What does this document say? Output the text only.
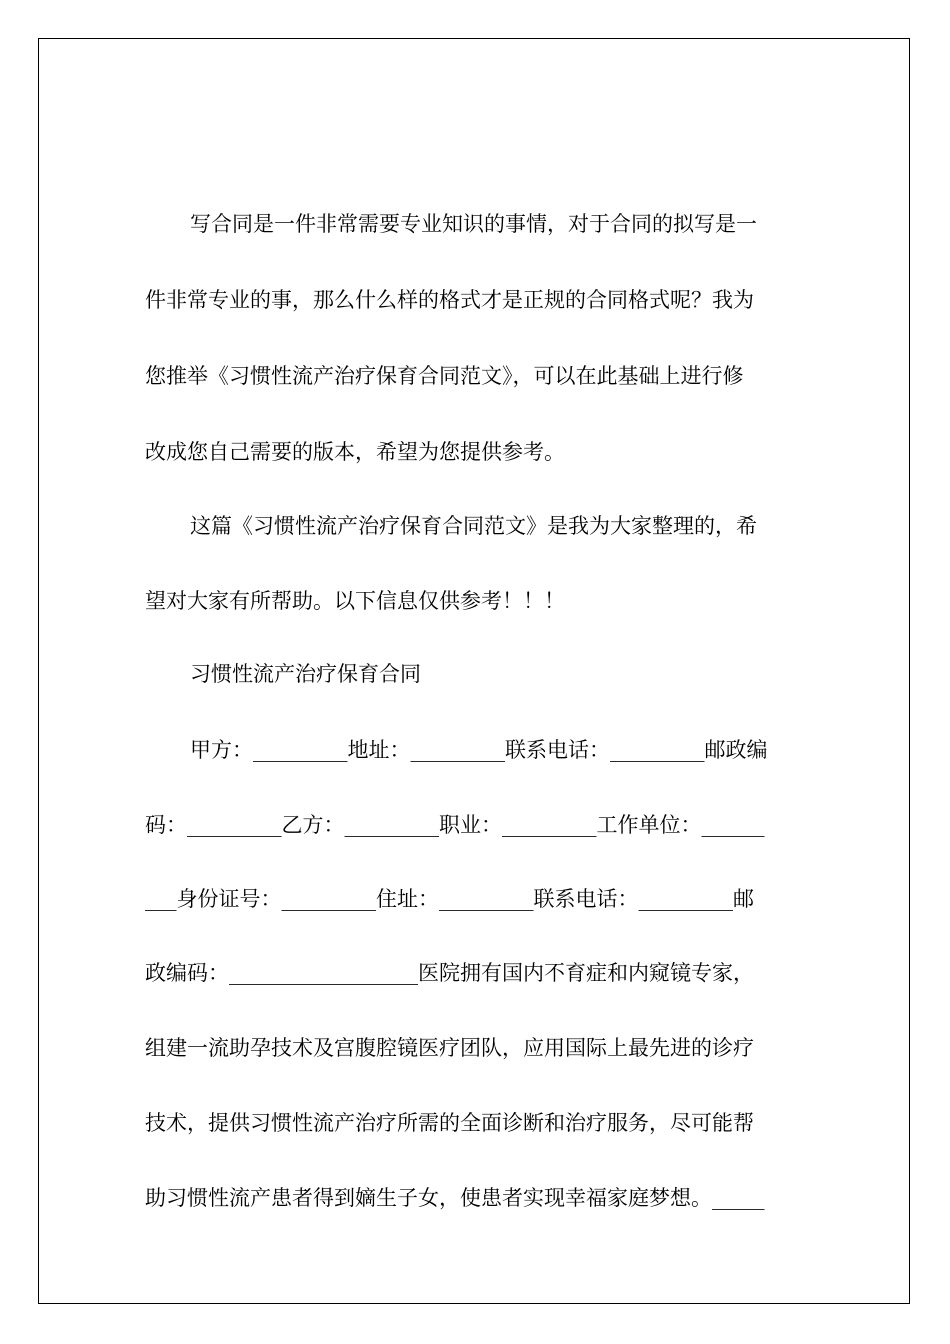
写合同是一件非常需要专业知识的事情，对于合同的拟写是一
件非常专业的事，那么什么样的格式才是正规的合同格式呢？我为
您推举《习惯性流产治疗保育合同范文》，可以在此基础上进行修
改成您自己需要的版本，希望为您提供参考。
这篇《习惯性流产治疗保育合同范文》是我为大家整理的，希
望对大家有所帮助。以下信息仅供参考！！！
习惯性流产治疗保育合同
甲方：_________地址：_________联系电话：_________邮政编
码：_________乙方：_________职业：_________工作单位：______
___身份证号：_________住址：_________联系电话：_________邮
政编码：__________________医院拥有国内不育症和内窥镜专家，
组建一流助孕技术及宫腹腔镜医疗团队，应用国际上最先进的诊疗
技术，提供习惯性流产治疗所需的全面诊断和治疗服务，尽可能帮
助习惯性流产患者得到嫡生子女，使患者实现幸福家庭梦想。_____
